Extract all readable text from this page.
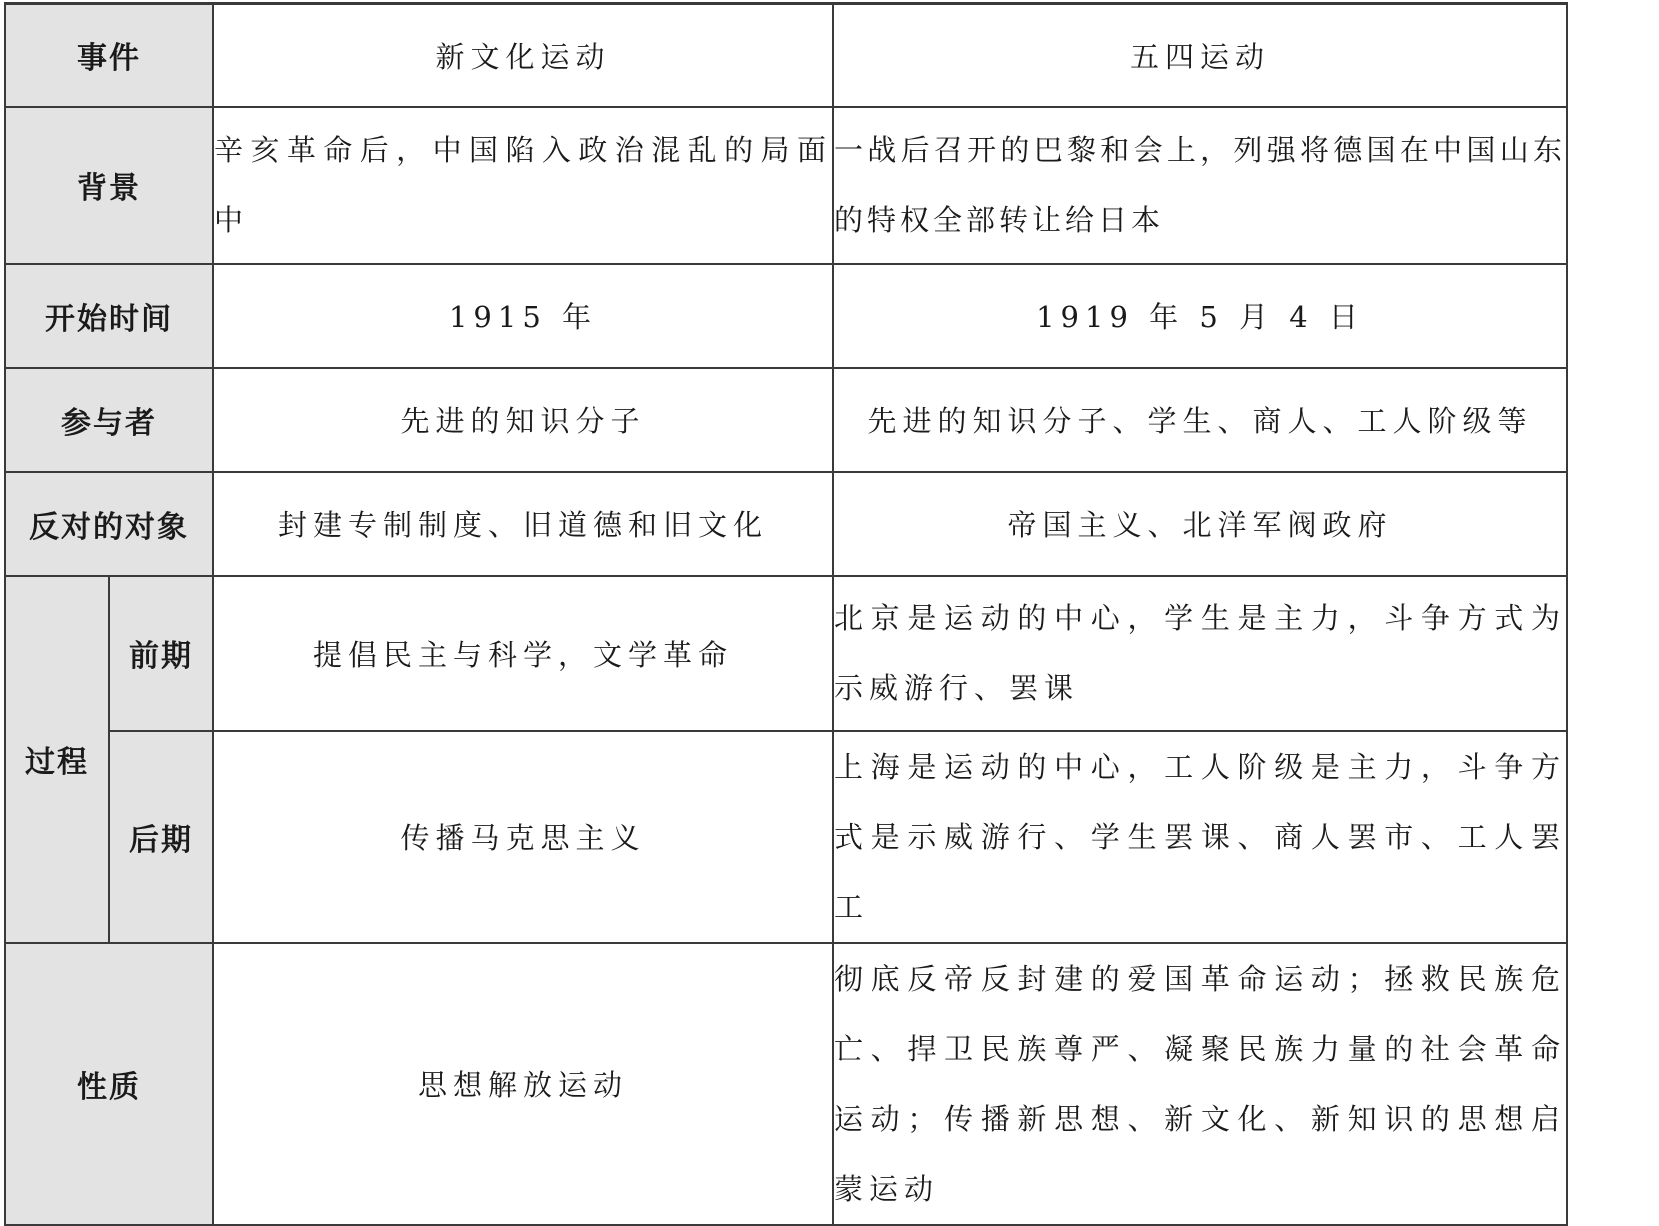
事件		新文化运动	五四运动
背景		辛亥革命后，中国陷入政治混乱的局面中	一战后召开的巴黎和会上，列强将德国在中国山东的特权全部转让给日本
开始时间		1915 年	1919 年 5 月 4 日
参与者		先进的知识分子	先进的知识分子、学生、商人、工人阶级等
反对的对象		封建专制制度、旧道德和旧文化	帝国主义、北洋军阀政府
过程	前期	提倡民主与科学，文学革命	北京是运动的中心，学生是主力，斗争方式为示威游行、罢课
	后期	传播马克思主义	上海是运动的中心，工人阶级是主力，斗争方式是示威游行、学生罢课、商人罢市、工人罢工
性质		思想解放运动	彻底反帝反封建的爱国革命运动；拯救民族危亡、捍卫民族尊严、凝聚民族力量的社会革命运动；传播新思想、新文化、新知识的思想启蒙运动
